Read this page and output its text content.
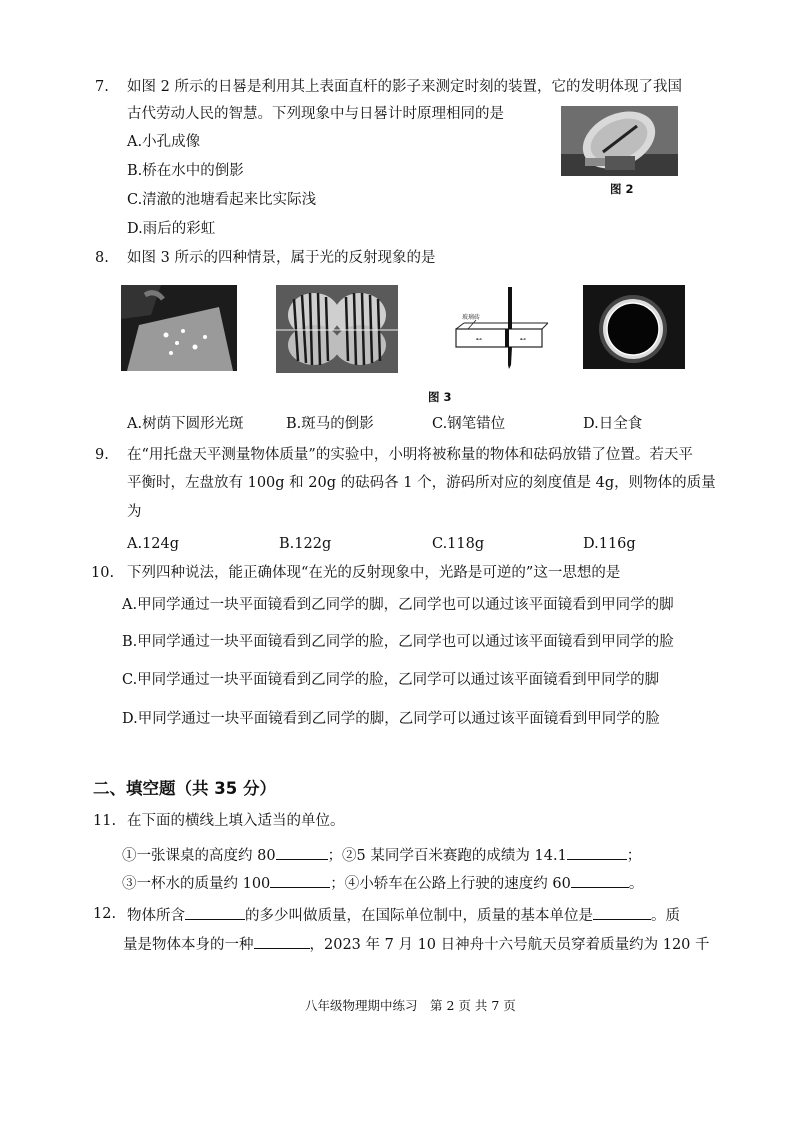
7. 如图 2 所示的日晷是利用其上表面直杆的影子来测定时刻的装置，它的发明体现了我国
古代劳动人民的智慧。下列现象中与日晷计时原理相同的是
A.小孔成像
B.桥在水中的倒影
C.清澈的池塘看起来比实际浅
D.雨后的彩虹
图 2
8. 如图 3 所示的四种情景，属于光的反射现象的是
⊷	⊷
玻璃砖
图 3
A.树荫下圆形光斑	B.斑马的倒影	C.钢笔错位	D.日全食
9. 在“用托盘天平测量物体质量”的实验中，小明将被称量的物体和砝码放错了位置。若天平
平衡时，左盘放有 100g 和 20g 的砝码各 1 个，游码所对应的刻度值是 4g，则物体的质量
为
A.124g	B.122g	C.118g	D.116g
10. 下列四种说法，能正确体现“在光的反射现象中，光路是可逆的”这一思想的是
A.甲同学通过一块平面镜看到乙同学的脚，乙同学也可以通过该平面镜看到甲同学的脚
B.甲同学通过一块平面镜看到乙同学的脸，乙同学也可以通过该平面镜看到甲同学的脸
C.甲同学通过一块平面镜看到乙同学的脸，乙同学可以通过该平面镜看到甲同学的脚
D.甲同学通过一块平面镜看到乙同学的脚，乙同学可以通过该平面镜看到甲同学的脸
二、填空题（共 35 分）
11. 在下面的横线上填入适当的单位。
①一张课桌的高度约 80	；②5 某同学百米赛跑的成绩为 14.1	；
③一杯水的质量约 100	；④小轿车在公路上行驶的速度约 60	。
12. 物体所含	的多少叫做质量，在国际单位制中，质量的基本单位是	。质
量是物体本身的一种	，2023 年 7 月 10 日神舟十六号航天员穿着质量约为 120 千
八年级物理期中练习　第 2 页 共 7 页
